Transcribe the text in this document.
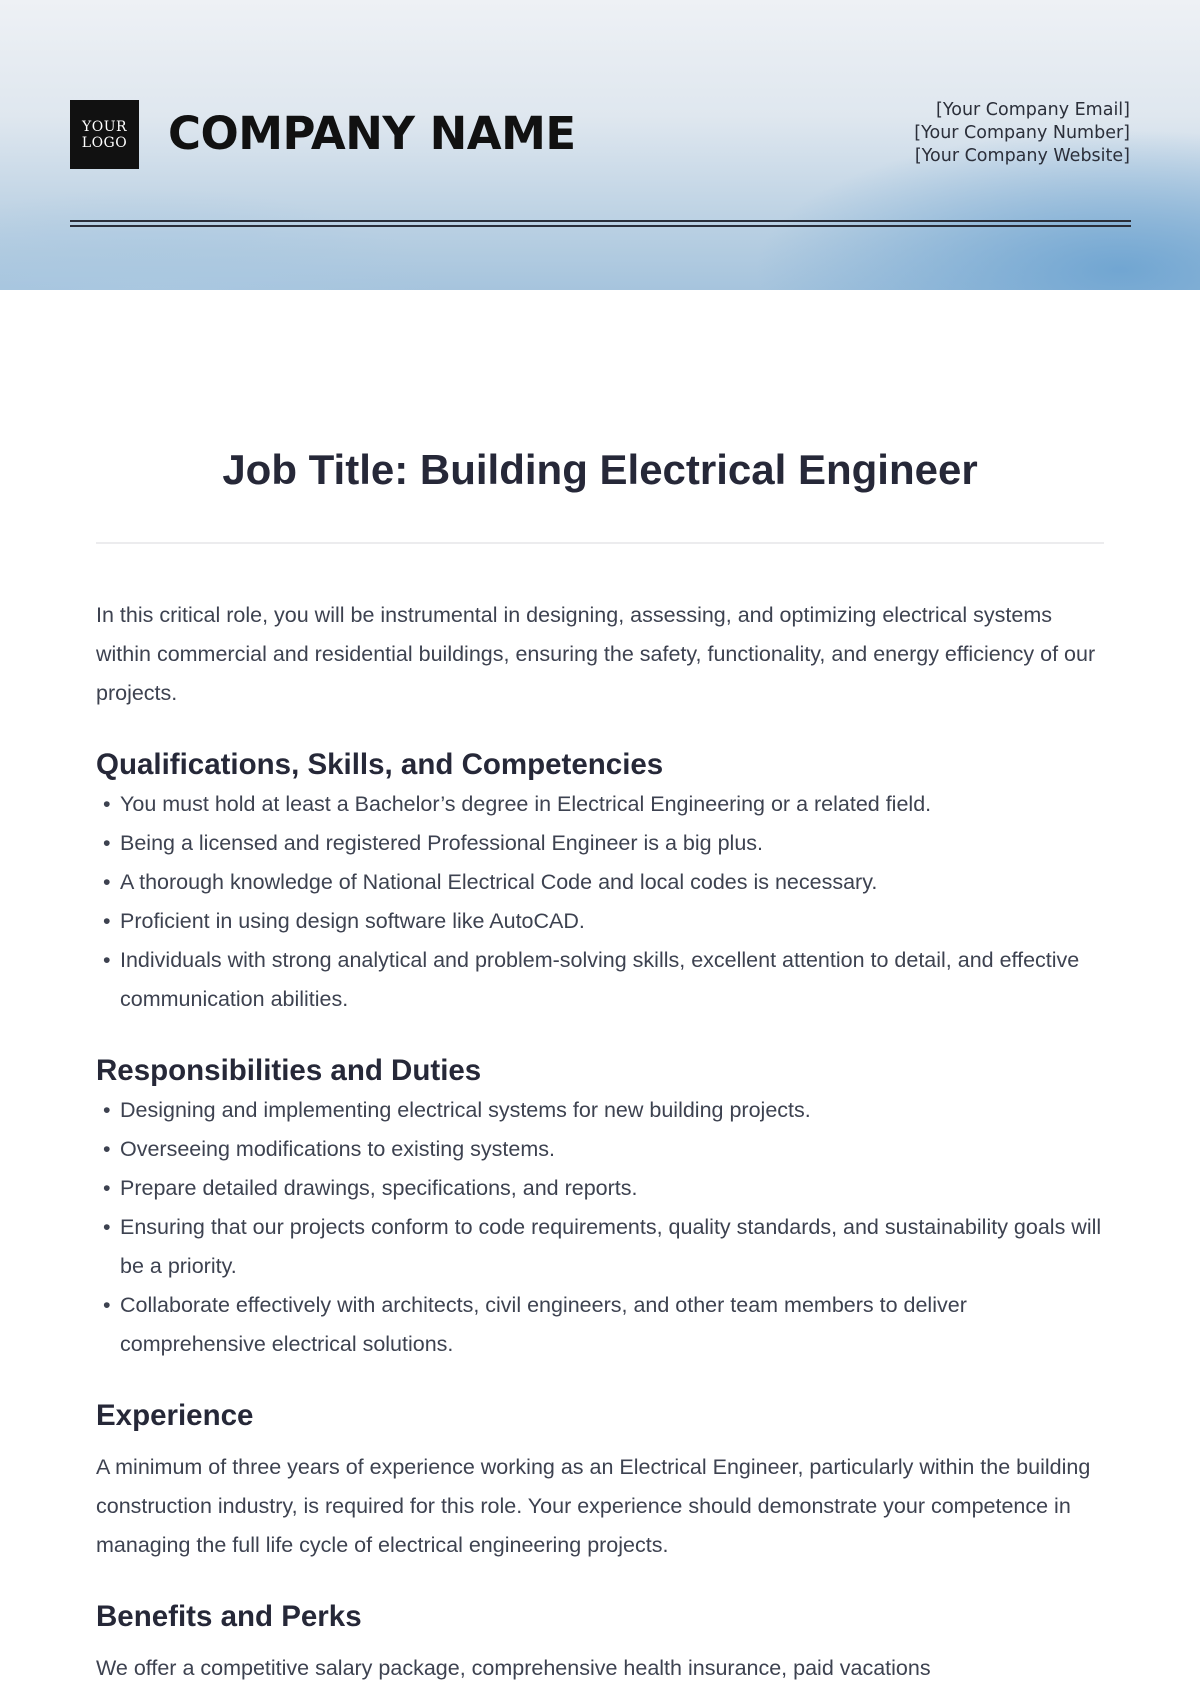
YOUR
LOGO COMPANY NAME	[Your Company Email]
[Your Company Number]
[Your Company Website]
Job Title: Building Electrical Engineer

In this critical role, you will be instrumental in designing, assessing, and optimizing electrical systems within commercial and residential buildings, ensuring the safety, functionality, and energy efficiency of our projects.

Qualifications, Skills, and Competencies
• You must hold at least a Bachelor’s degree in Electrical Engineering or a related field.
• Being a licensed and registered Professional Engineer is a big plus.
• A thorough knowledge of National Electrical Code and local codes is necessary.
• Proficient in using design software like AutoCAD.
• Individuals with strong analytical and problem-solving skills, excellent attention to detail, and effective communication abilities.
Responsibilities and Duties
• Designing and implementing electrical systems for new building projects.
• Overseeing modifications to existing systems.
• Prepare detailed drawings, specifications, and reports.
• Ensuring that our projects conform to code requirements, quality standards, and sustainability goals will be a priority.
• Collaborate effectively with architects, civil engineers, and other team members to deliver comprehensive electrical solutions.
Experience

A minimum of three years of experience working as an Electrical Engineer, particularly within the building construction industry, is required for this role. Your experience should demonstrate your competence in managing the full life cycle of electrical engineering projects.

Benefits and Perks

We offer a competitive salary package, comprehensive health insurance, paid vacations
